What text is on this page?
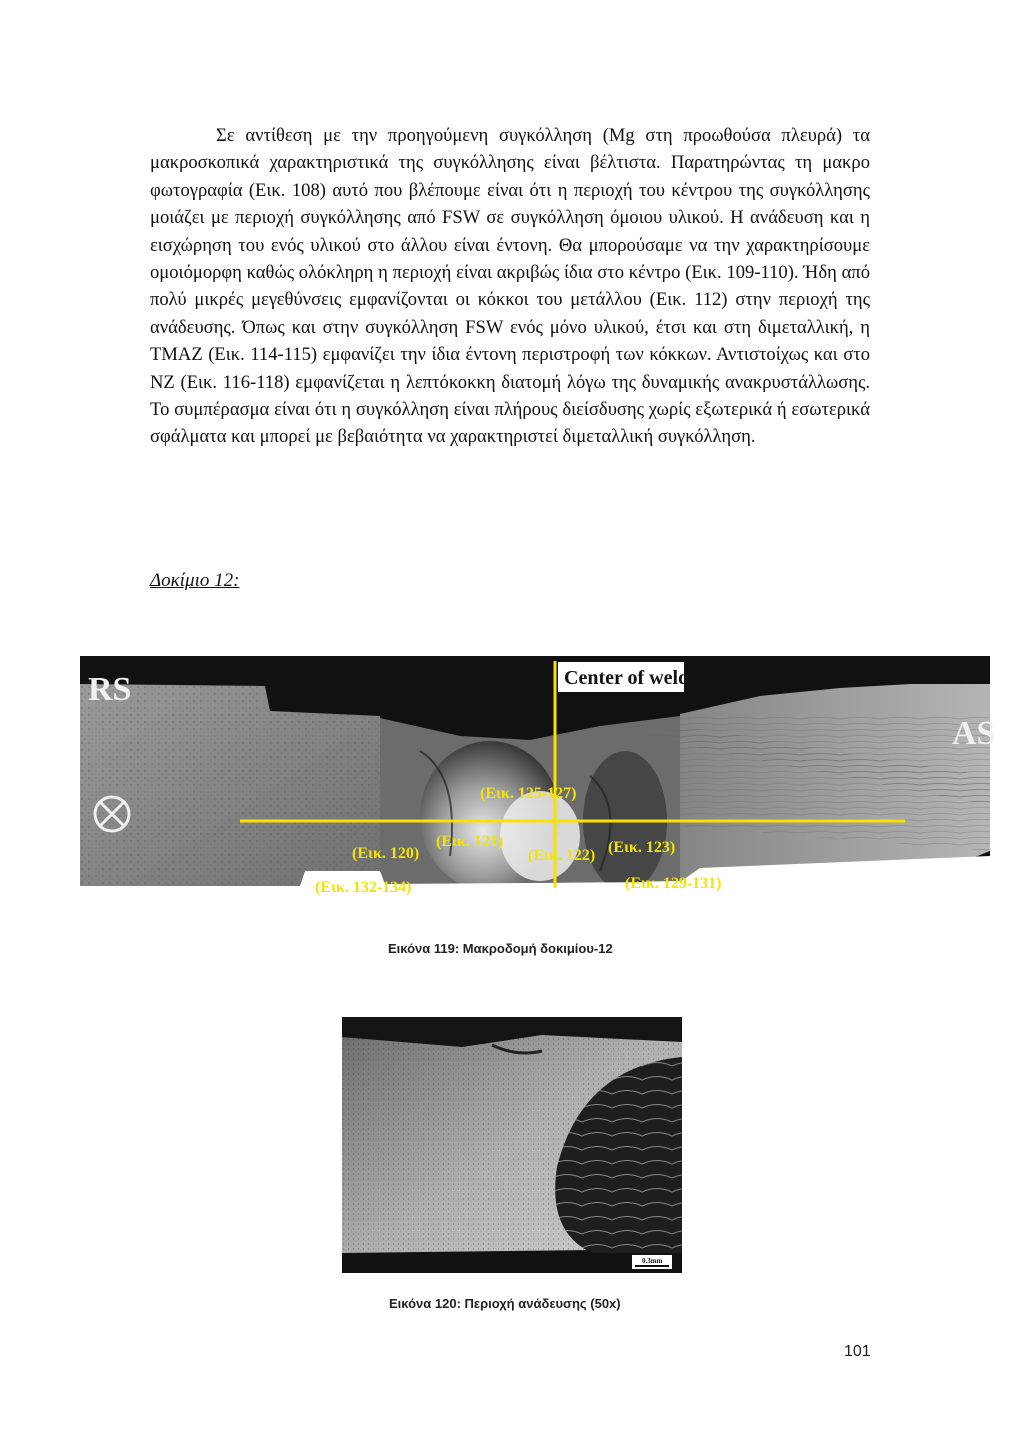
Σε αντίθεση με την προηγούμενη συγκόλληση (Mg στη προωθούσα πλευρά) τα μακροσκοπικά χαρακτηριστικά της συγκόλλησης είναι βέλτιστα. Παρατηρώντας τη μακρο φωτογραφία (Εικ. 108) αυτό που βλέπουμε είναι ότι η περιοχή του κέντρου της συγκόλλησης μοιάζει με περιοχή συγκόλλησης από FSW σε συγκόλληση όμοιου υλικού. Η ανάδευση και η εισχώρηση του ενός υλικού στο άλλου είναι έντονη. Θα μπορούσαμε να την χαρακτηρίσουμε ομοιόμορφη καθώς ολόκληρη η περιοχή είναι ακριβώς ίδια στο κέντρο (Εικ. 109-110). Ήδη από πολύ μικρές μεγεθύνσεις εμφανίζονται οι κόκκοι του μετάλλου (Εικ. 112) στην περιοχή της ανάδευσης. Όπως και στην συγκόλληση FSW ενός μόνο υλικού, έτσι και στη διμεταλλική, η TMAZ (Εικ. 114-115) εμφανίζει την ίδια έντονη περιστροφή των κόκκων. Αντιστοίχως και στο NZ (Εικ. 116-118) εμφανίζεται η λεπτόκοκκη διατομή λόγω της δυναμικής ανακρυστάλλωσης. Το συμπέρασμα είναι ότι η συγκόλληση είναι πλήρους διείσδυσης χωρίς εξωτερικά ή εσωτερικά σφάλματα και μπορεί με βεβαιότητα να χαρακτηριστεί διμεταλλική συγκόλληση.

Δοκίμιο 12:

RS
AS
Center of weld
(Εικ. 125-127)
(Εικ. 120)
(Εικ. 121)
(Εικ. 122) (Εικ. 123)
(Εικ. 132-134)	(Εικ. 129-131)
Εικόνα 119: Μακροδομή δοκιμίου-12
0.3mm
Εικόνα 120: Περιοχή ανάδευσης (50x)
101
